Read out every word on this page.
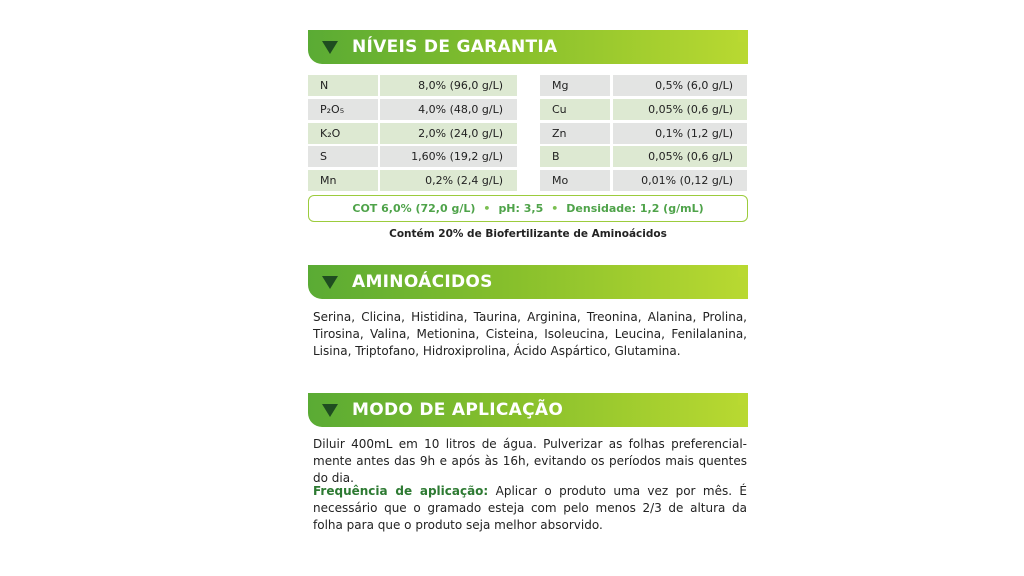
NÍVEIS DE GARANTIA
N	8,0% (96,0 g/L)
P₂O₅	4,0% (48,0 g/L)
K₂O	2,0% (24,0 g/L)
S	1,60% (19,2 g/L)
Mn	0,2% (2,4 g/L)
Mg	0,5% (6,0 g/L)
Cu	0,05% (0,6 g/L)
Zn	0,1% (1,2 g/L)
B	0,05% (0,6 g/L)
Mo	0,01% (0,12 g/L)
COT 6,0% (72,0 g/L) • pH: 3,5 • Densidade: 1,2 (g/mL)
Contém 20% de Biofertilizante de Aminoácidos
AMINOÁCIDOS
Serina, Clicina, Histidina, Taurina, Arginina, Treonina, Alanina, Prolina, Tirosina, Valina, Metionina, Cisteina, Isoleucina, Leucina, Fenilalanina, Lisina, Triptofano, Hidroxiprolina, Ácido Aspártico, Glutamina.
MODO DE APLICAÇÃO
Diluir 400mL em 10 litros de água. Pulverizar as folhas preferencial-mente antes das 9h e após às 16h, evitando os períodos mais quentes do dia.
Frequência de aplicação: Aplicar o produto uma vez por mês. É necessário que o gramado esteja com pelo menos 2/3 de altura da folha para que o produto seja melhor absorvido.
